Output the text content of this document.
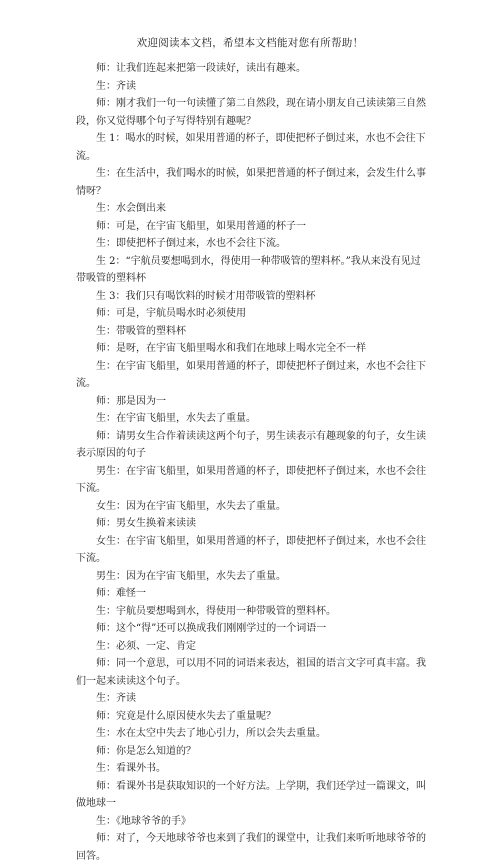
欢迎阅读本文档，希望本文档能对您有所帮助！

师：让我们连起来把第一段读好，读出有趣来。

生：齐读

师：刚才我们一句一句读懂了第二自然段，现在请小朋友自己读读第三自然段，你又觉得哪个句子写得特别有趣呢？

生 1：喝水的时候，如果用普通的杯子，即使把杯子倒过来，水也不会往下流。

生：在生活中，我们喝水的时候，如果把普通的杯子倒过来，会发生什么事情呀？

生：水会倒出来

师：可是，在宇宙飞船里，如果用普通的杯子一

生：即使把杯子倒过来，水也不会往下流。

生 2：“宇航员要想喝到水，得使用一种带吸管的塑料杯。”我从来没有见过带吸管的塑料杯

生 3：我们只有喝饮料的时候才用带吸管的塑料杯

师：可是，宇航员喝水时必须使用

生：带吸管的塑料杯

师：是呀，在宇宙飞船里喝水和我们在地球上喝水完全不一样

生：在宇宙飞船里，如果用普通的杯子，即使把杯子倒过来，水也不会往下流。

师：那是因为一

生：在宇宙飞船里，水失去了重量。

师：请男女生合作着读读这两个句子，男生读表示有趣现象的句子，女生读表示原因的句子

男生：在宇宙飞船里，如果用普通的杯子，即使把杯子倒过来，水也不会往下流。

女生：因为在宇宙飞船里，水失去了重量。

师：男女生换着来读读

女生：在宇宙飞船里，如果用普通的杯子，即使把杯子倒过来，水也不会往下流。

男生：因为在宇宙飞船里，水失去了重量。

师：难怪一

生：宇航员要想喝到水，得使用一种带吸管的塑料杯。

师：这个“得”还可以换成我们刚刚学过的一个词语一

生：必须、一定、肯定

师：同一个意思，可以用不同的词语来表达，祖国的语言文字可真丰富。我们一起来读读这个句子。

生：齐读

师：究竟是什么原因使水失去了重量呢？

生：水在太空中失去了地心引力，所以会失去重量。

师：你是怎么知道的？

生：看课外书。

师：看课外书是获取知识的一个好方法。上学期，我们还学过一篇课文，叫做地球一

生：《地球爷爷的手》

师：对了，今天地球爷爷也来到了我们的课堂中，让我们来听听地球爷爷的回答。
